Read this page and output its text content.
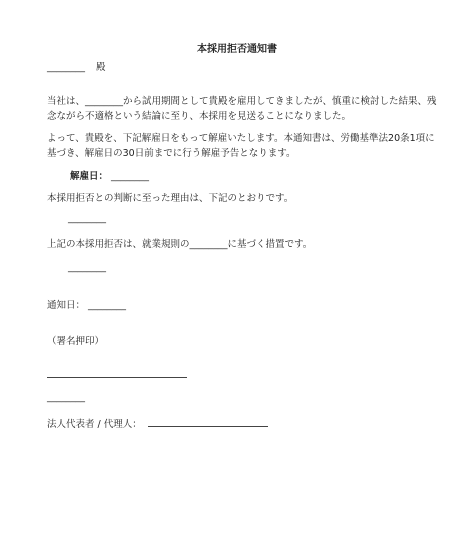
本採用拒否通知書
________ 殿
当社は、________から試用期間として貴殿を雇用してきましたが、慎重に検討した結果、残念ながら不適格という結論に至り、本採用を見送ることになりました。
よって、貴殿を、下記解雇日をもって解雇いたします。本通知書は、労働基準法20条1項に基づき、解雇日の30日前までに行う解雇予告となります。
解雇日： ________
本採用拒否との判断に至った理由は、下記のとおりです。
________
上記の本採用拒否は、就業規則の________に基づく措置です。
________
通知日： ________
（署名押印）
________
法人代表者 / 代理人：
